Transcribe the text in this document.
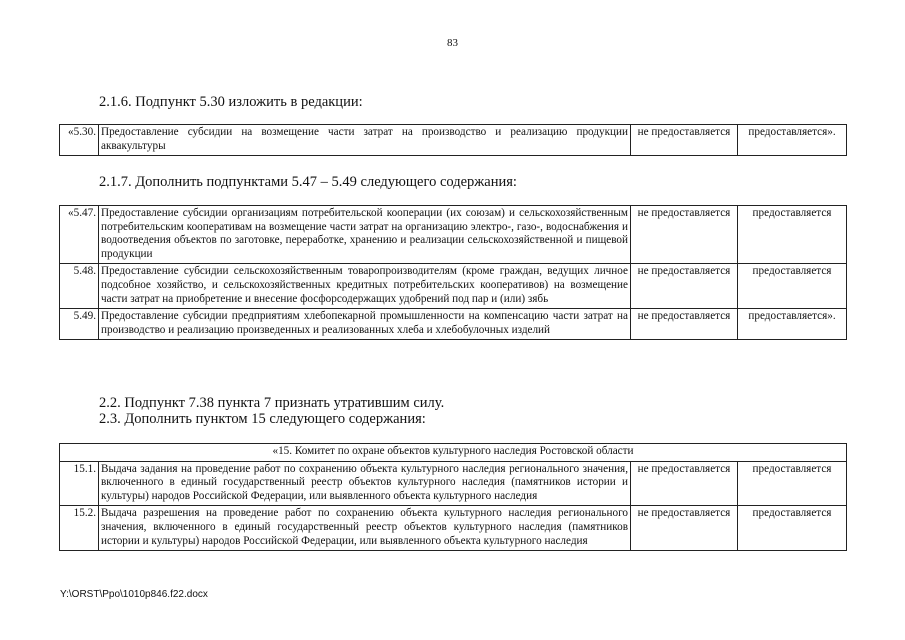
83
2.1.6. Подпункт 5.30 изложить в редакции:
«5.30.	Предоставление субсидии на возмещение части затрат на производство и реализацию продукции аквакультуры	не предоставляется	предоставляется».
2.1.7. Дополнить подпунктами 5.47 – 5.49 следующего содержания:
«5.47.	Предоставление субсидии организациям потребительской кооперации (их союзам) и сельскохозяйственным потребительским кооперативам на возмещение части затрат на организацию электро-, газо-, водоснабжения и водоотведения объектов по заготовке, переработке, хранению и реализации сельскохозяйственной и пищевой продукции	не предоставляется	предоставляется
5.48.	Предоставление субсидии сельскохозяйственным товаропроизводителям (кроме граждан, ведущих личное подсобное хозяйство, и сельскохозяйственных кредитных потребительских кооперативов) на возмещение части затрат на приобретение и внесение фосфорсодержащих удобрений под пар и (или) зябь	не предоставляется	предоставляется
5.49.	Предоставление субсидии предприятиям хлебопекарной промышленности на компенсацию части затрат на производство и реализацию произведенных и реализованных хлеба и хлебобулочных изделий	не предоставляется	предоставляется».
2.2. Подпункт 7.38 пункта 7 признать утратившим силу.
2.3. Дополнить пунктом 15 следующего содержания:
«15. Комитет по охране объектов культурного наследия Ростовской области			
15.1.	Выдача задания на проведение работ по сохранению объекта культурного наследия регионального значения, включенного в единый государственный реестр объектов культурного наследия (памятников истории и культуры) народов Российской Федерации, или выявленного объекта культурного наследия	не предоставляется	предоставляется
15.2.	Выдача разрешения на проведение работ по сохранению объекта культурного наследия регионального значения, включенного в единый государственный реестр объектов культурного наследия (памятников истории и культуры) народов Российской Федерации, или выявленного объекта культурного наследия	не предоставляется	предоставляется
Y:\ORST\Ppo\1010p846.f22.docx
